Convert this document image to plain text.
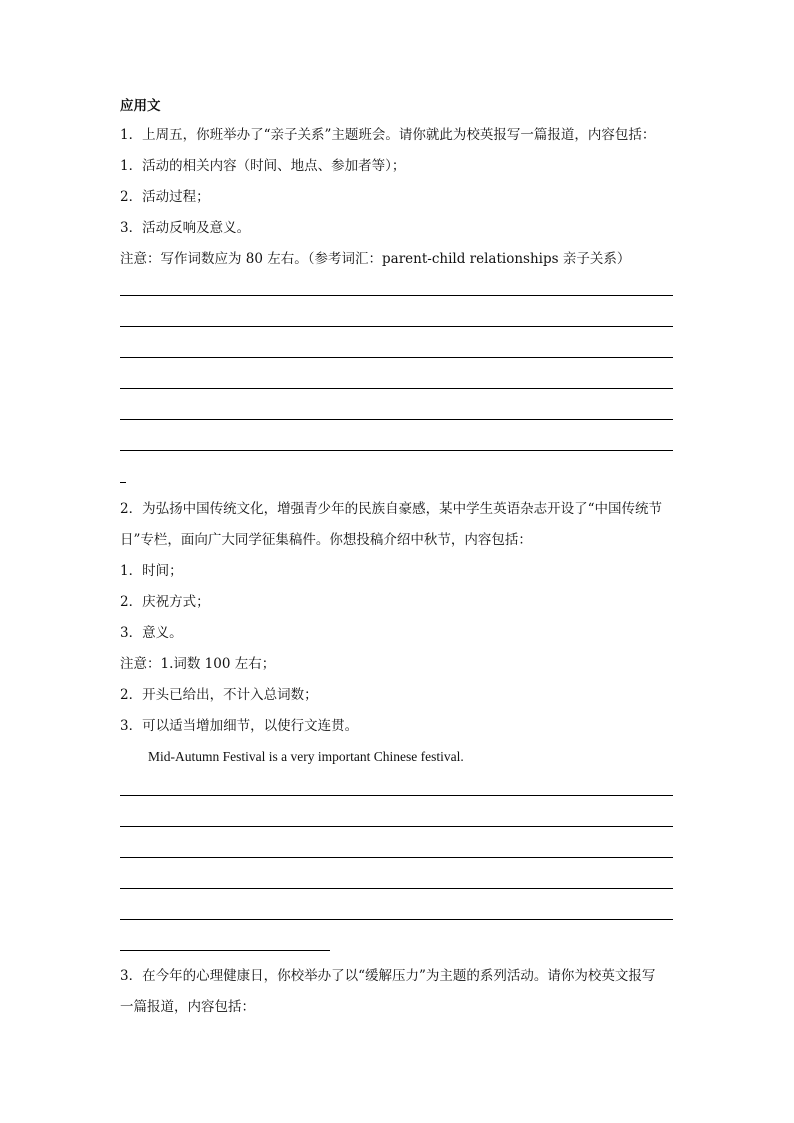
应用文
1．上周五，你班举办了“亲子关系”主题班会。请你就此为校英报写一篇报道，内容包括：
1．活动的相关内容（时间、地点、参加者等）；
2．活动过程；
3．活动反响及意义。
注意：写作词数应为 80 左右。（参考词汇：parent-child relationships 亲子关系）
2．为弘扬中国传统文化，增强青少年的民族自豪感，某中学生英语杂志开设了“中国传统节
日”专栏，面向广大同学征集稿件。你想投稿介绍中秋节，内容包括：
1．时间；
2．庆祝方式；
3．意义。
注意：1.词数 100 左右；
2．开头已给出，不计入总词数；
3．可以适当增加细节，以使行文连贯。
Mid-Autumn Festival is a very important Chinese festival.
3．在今年的心理健康日，你校举办了以“缓解压力”为主题的系列活动。请你为校英文报写
一篇报道，内容包括：
